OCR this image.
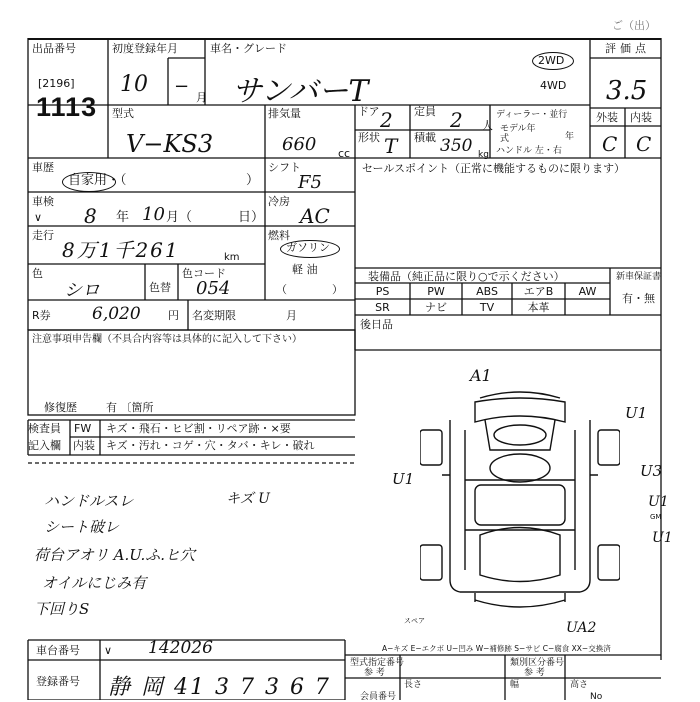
ご（出）
出品番号
[2196]
1113
初度登録年月
10 −
月
車名・グレード
サンバーT
2WD
4WD
評価点
3.5
外装 内装
C C
型式
V−KS3
排気量
660 cc
ドア 2 定員 2 人
ディーラー・並行
モデル年式	年
ハンドル 左・右
形状 T 積載 350 kg
車歴
自家用・（	）
シフト
F5
車検
∨ 8 年 10 月（	日）
冷房
AC
走行
8万1千261	km
燃料
ガソリン
軽 油
（	）
色
シロ	色替
色コード
054
R券 6,020 円 名変期限	月
セールスポイント（正常に機能するものに限ります）
装備品（純正品に限り○で示ください）	新車保証書
有・無
PS	PW	ABS	エアB	AW
SR	ナビ	TV	本革
後日品
注意事項申告欄（不具合内容等は具体的に記入して下さい）
修復歴	有 〔箇所
検査員
記入欄
FW
内装
キズ・飛石・ヒビ割・リペア跡・×要
キズ・汚れ・コゲ・穴・タバ・キレ・破れ
ハンドルスレ
シート破レ
荷台アオリ A.U.ふ.ヒ穴
オイルにじみ有
下回りS
キズ U
A1
U1
U1	U3
U1
U1
UA2
スペア
GM
A−キズ E−エクボ U−凹み W−補修跡 S−サビ C−腐食 XX−交換済
車台番号 ∨ 142026
登録番号 静 岡 41 3 7 3 6 7
型式指定番号
参 考
長さ	幅
類別区分番号
参 考
高さ
会員番号	No
